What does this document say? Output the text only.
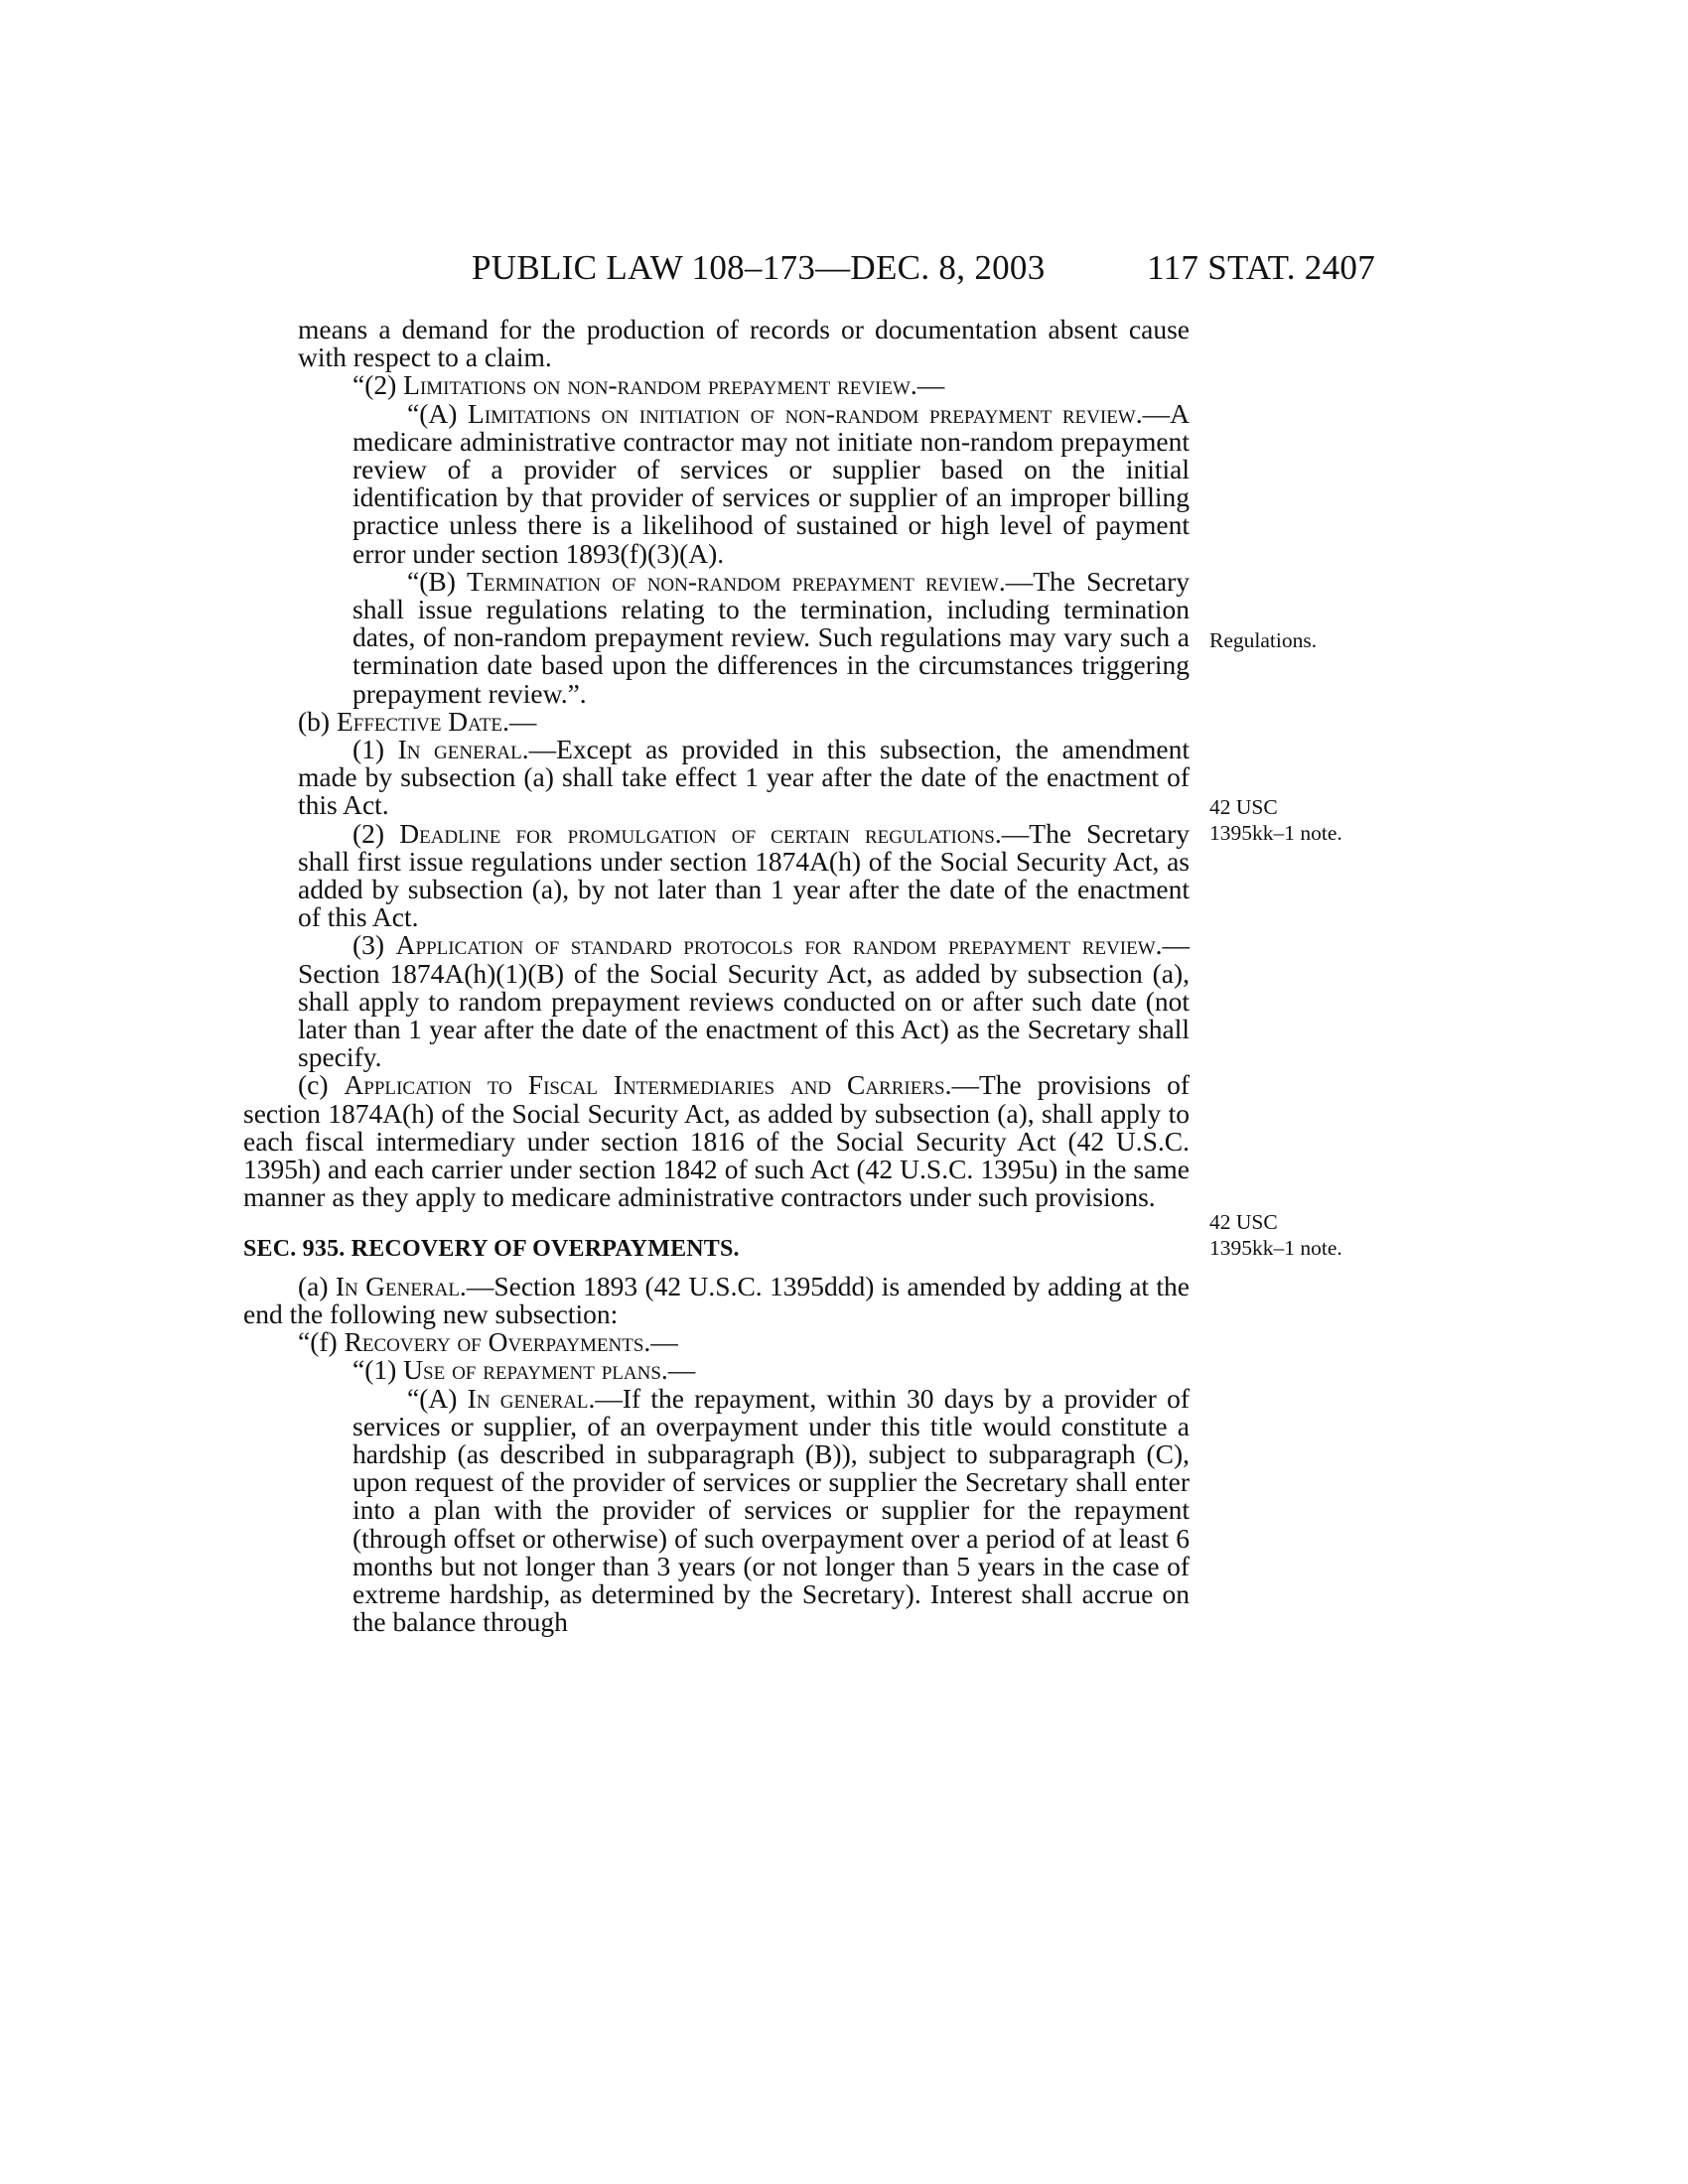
PUBLIC LAW 108–173—DEC. 8, 2003	117 STAT. 2407
means a demand for the production of records or documentation absent cause with respect to a claim.
“(2) Limitations on non-random prepayment review.—
“(A) Limitations on initiation of non-random prepayment review.—A medicare administrative contractor may not initiate non-random prepayment review of a provider of services or supplier based on the initial identification by that provider of services or supplier of an improper billing practice unless there is a likelihood of sustained or high level of payment error under section 1893(f)(3)(A).
“(B) Termination of non-random prepayment review.—The Secretary shall issue regulations relating to the termination, including termination dates, of non-random prepayment review. Such regulations may vary such a termination date based upon the differences in the circumstances triggering prepayment review.”.
(b) Effective Date.—
(1) In general.—Except as provided in this subsection, the amendment made by subsection (a) shall take effect 1 year after the date of the enactment of this Act.
(2) Deadline for promulgation of certain regulations.—The Secretary shall first issue regulations under section 1874A(h) of the Social Security Act, as added by subsection (a), by not later than 1 year after the date of the enactment of this Act.
(3) Application of standard protocols for random prepayment review.—Section 1874A(h)(1)(B) of the Social Security Act, as added by subsection (a), shall apply to random prepayment reviews conducted on or after such date (not later than 1 year after the date of the enactment of this Act) as the Secretary shall specify.
(c) Application to Fiscal Intermediaries and Carriers.—The provisions of section 1874A(h) of the Social Security Act, as added by subsection (a), shall apply to each fiscal intermediary under section 1816 of the Social Security Act (42 U.S.C. 1395h) and each carrier under section 1842 of such Act (42 U.S.C. 1395u) in the same manner as they apply to medicare administrative contractors under such provisions.
SEC. 935. RECOVERY OF OVERPAYMENTS.
(a) In General.—Section 1893 (42 U.S.C. 1395ddd) is amended by adding at the end the following new subsection:
“(f) Recovery of Overpayments.—
“(1) Use of repayment plans.—
“(A) In general.—If the repayment, within 30 days by a provider of services or supplier, of an overpayment under this title would constitute a hardship (as described in subparagraph (B)), subject to subparagraph (C), upon request of the provider of services or supplier the Secretary shall enter into a plan with the provider of services or supplier for the repayment (through offset or otherwise) of such overpayment over a period of at least 6 months but not longer than 3 years (or not longer than 5 years in the case of extreme hardship, as determined by the Secretary). Interest shall accrue on the balance through
Regulations.
42 USC
1395kk–1 note.
42 USC
1395kk–1 note.
